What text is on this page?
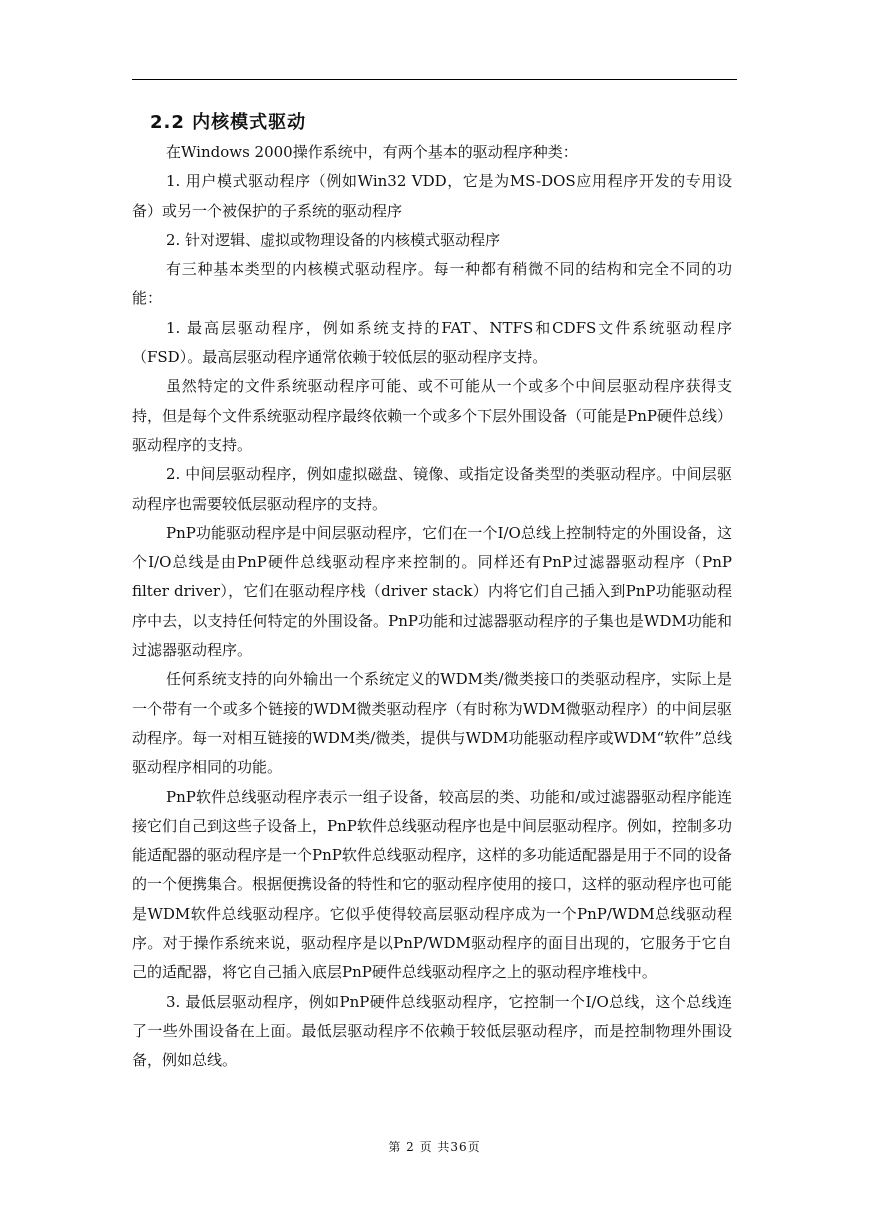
2.2 内核模式驱动

在Windows 2000操作系统中，有两个基本的驱动程序种类：

1. 用户模式驱动程序（例如Win32 VDD，它是为MS-DOS应用程序开发的专用设备）或另一个被保护的子系统的驱动程序

2. 针对逻辑、虚拟或物理设备的内核模式驱动程序

有三种基本类型的内核模式驱动程序。每一种都有稍微不同的结构和完全不同的功能：

1. 最高层驱动程序，例如系统支持的FAT、NTFS和CDFS文件系统驱动程序（FSD）。最高层驱动程序通常依赖于较低层的驱动程序支持。

虽然特定的文件系统驱动程序可能、或不可能从一个或多个中间层驱动程序获得支持，但是每个文件系统驱动程序最终依赖一个或多个下层外围设备（可能是PnP硬件总线）驱动程序的支持。

2. 中间层驱动程序，例如虚拟磁盘、镜像、或指定设备类型的类驱动程序。中间层驱动程序也需要较低层驱动程序的支持。

PnP功能驱动程序是中间层驱动程序，它们在一个I/O总线上控制特定的外围设备，这个I/O总线是由PnP硬件总线驱动程序来控制的。同样还有PnP过滤器驱动程序（PnP filter driver），它们在驱动程序栈（driver stack）内将它们自己插入到PnP功能驱动程序中去，以支持任何特定的外围设备。PnP功能和过滤器驱动程序的子集也是WDM功能和过滤器驱动程序。

任何系统支持的向外输出一个系统定义的WDM类/微类接口的类驱动程序，实际上是一个带有一个或多个链接的WDM微类驱动程序（有时称为WDM微驱动程序）的中间层驱动程序。每一对相互链接的WDM类/微类，提供与WDM功能驱动程序或WDM“软件”总线驱动程序相同的功能。

PnP软件总线驱动程序表示一组子设备，较高层的类、功能和/或过滤器驱动程序能连接它们自己到这些子设备上，PnP软件总线驱动程序也是中间层驱动程序。例如，控制多功能适配器的驱动程序是一个PnP软件总线驱动程序，这样的多功能适配器是用于不同的设备的一个便携集合。根据便携设备的特性和它的驱动程序使用的接口，这样的驱动程序也可能是WDM软件总线驱动程序。它似乎使得较高层驱动程序成为一个PnP/WDM总线驱动程序。对于操作系统来说，驱动程序是以PnP/WDM驱动程序的面目出现的，它服务于它自己的适配器，将它自己插入底层PnP硬件总线驱动程序之上的驱动程序堆栈中。

3. 最低层驱动程序，例如PnP硬件总线驱动程序，它控制一个I/O总线，这个总线连了一些外围设备在上面。最低层驱动程序不依赖于较低层驱动程序，而是控制物理外围设备，例如总线。

第 2 页 共36页
